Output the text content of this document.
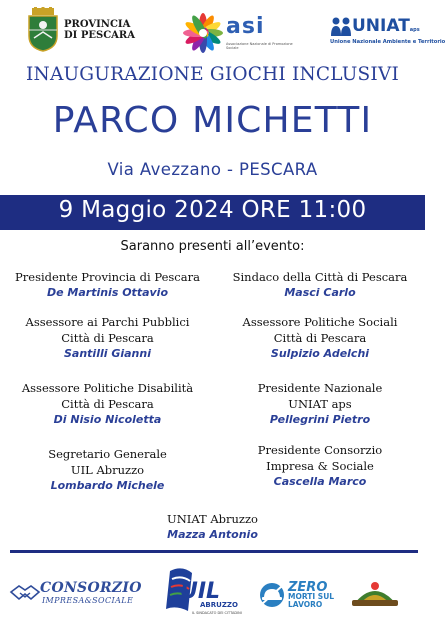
PROVINCIA
DI PESCARA	asi
Associazione Nazionale di Promozione Sociale
UNIATaps
Unione Nazionale Ambiente e Territorio
INAUGURAZIONE GIOCHI INCLUSIVI
PARCO MICHETTI
Via Avezzano - PESCARA
9 Maggio 2024 ORE 11:00
Saranno presenti all’evento:
Presidente Provincia di Pescara
De Martinis Ottavio
Sindaco della Città di Pescara
Masci Carlo
Assessore ai Parchi Pubblici
Città di Pescara
Santilli Gianni
Assessore Politiche Sociali
Città di Pescara
Sulpizio Adelchi
Assessore Politiche Disabilità
Città di Pescara
Di Nisio Nicoletta
Presidente Nazionale
UNIAT aps
Pellegrini Pietro
Segretario Generale
UIL Abruzzo
Lombardo Michele
Presidente Consorzio
Impresa & Sociale
Cascella Marco
UNIAT Abruzzo
Mazza Antonio
CONSORZIO
IMPRESA&SOCIALE UIL
ABRUZZO
IL SINDACATO DEI CITTADINI
ZERO
MORTI SUL
LAVORO
